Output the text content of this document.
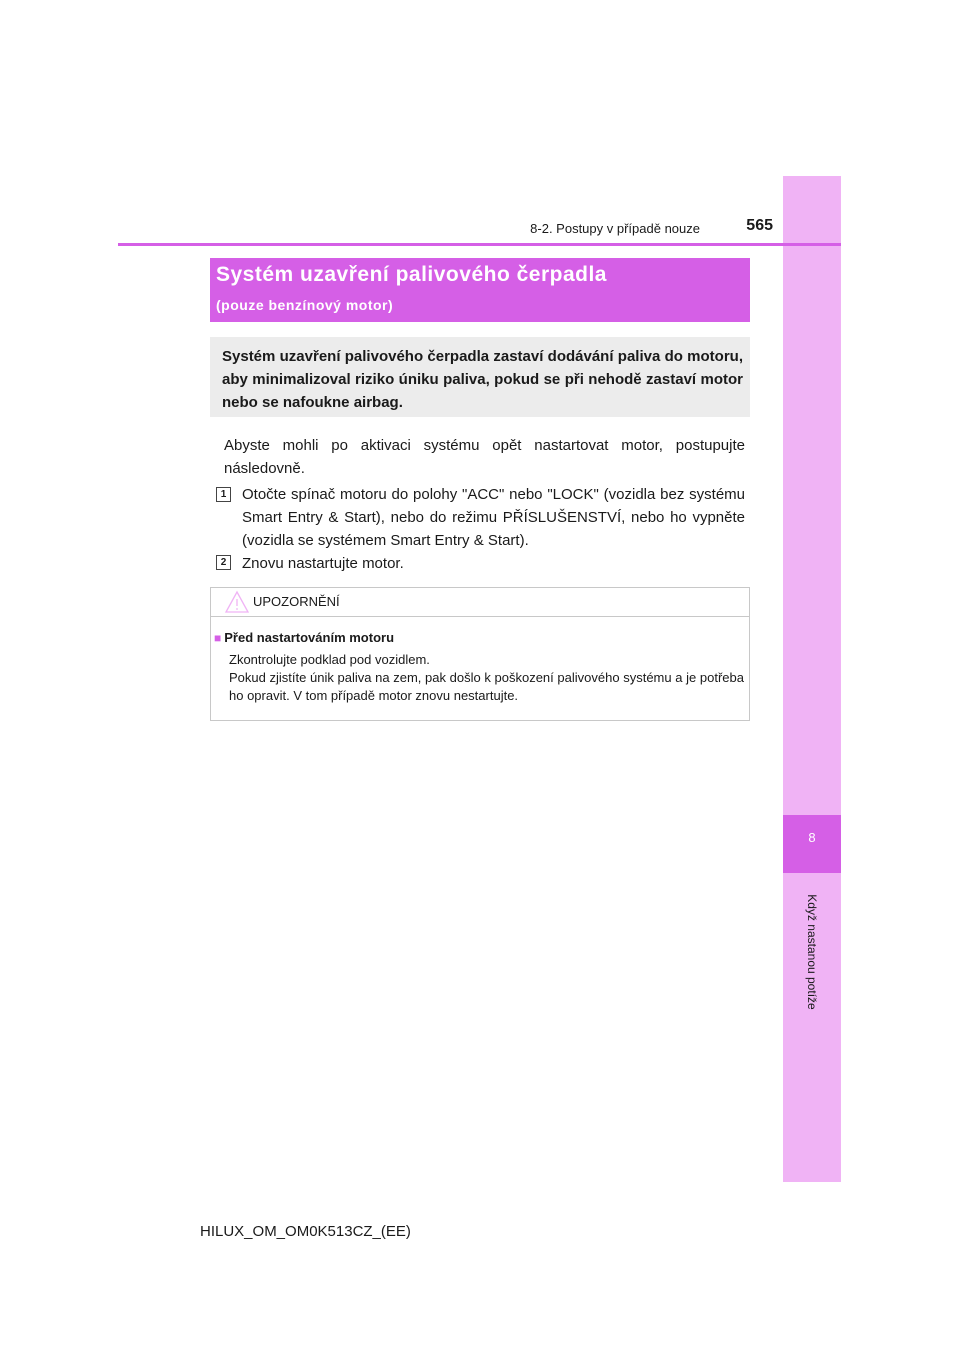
8
Když nastanou potíže
8-2. Postupy v případě nouze	565
Systém uzavření palivového čerpadla
(pouze benzínový motor)
Systém uzavření palivového čerpadla zastaví dodávání paliva do motoru, aby minimalizoval riziko úniku paliva, pokud se při nehodě zastaví motor nebo se nafoukne airbag.
Abyste mohli po aktivaci systému opět nastartovat motor, postupujte následovně.
1	Otočte spínač motoru do polohy "ACC" nebo "LOCK" (vozidla bez systému Smart Entry & Start), nebo do režimu PŘÍSLUŠENSTVÍ, nebo ho vypněte (vozidla se systémem Smart Entry & Start).
2	Znovu nastartujte motor.
UPOZORNĚNÍ
■ Před nastartováním motoru

Zkontrolujte podklad pod vozidlem.

Pokud zjistíte únik paliva na zem, pak došlo k poškození palivového systému a je potřeba ho opravit. V tom případě motor znovu nestartujte.

HILUX_OM_OM0K513CZ_(EE)
